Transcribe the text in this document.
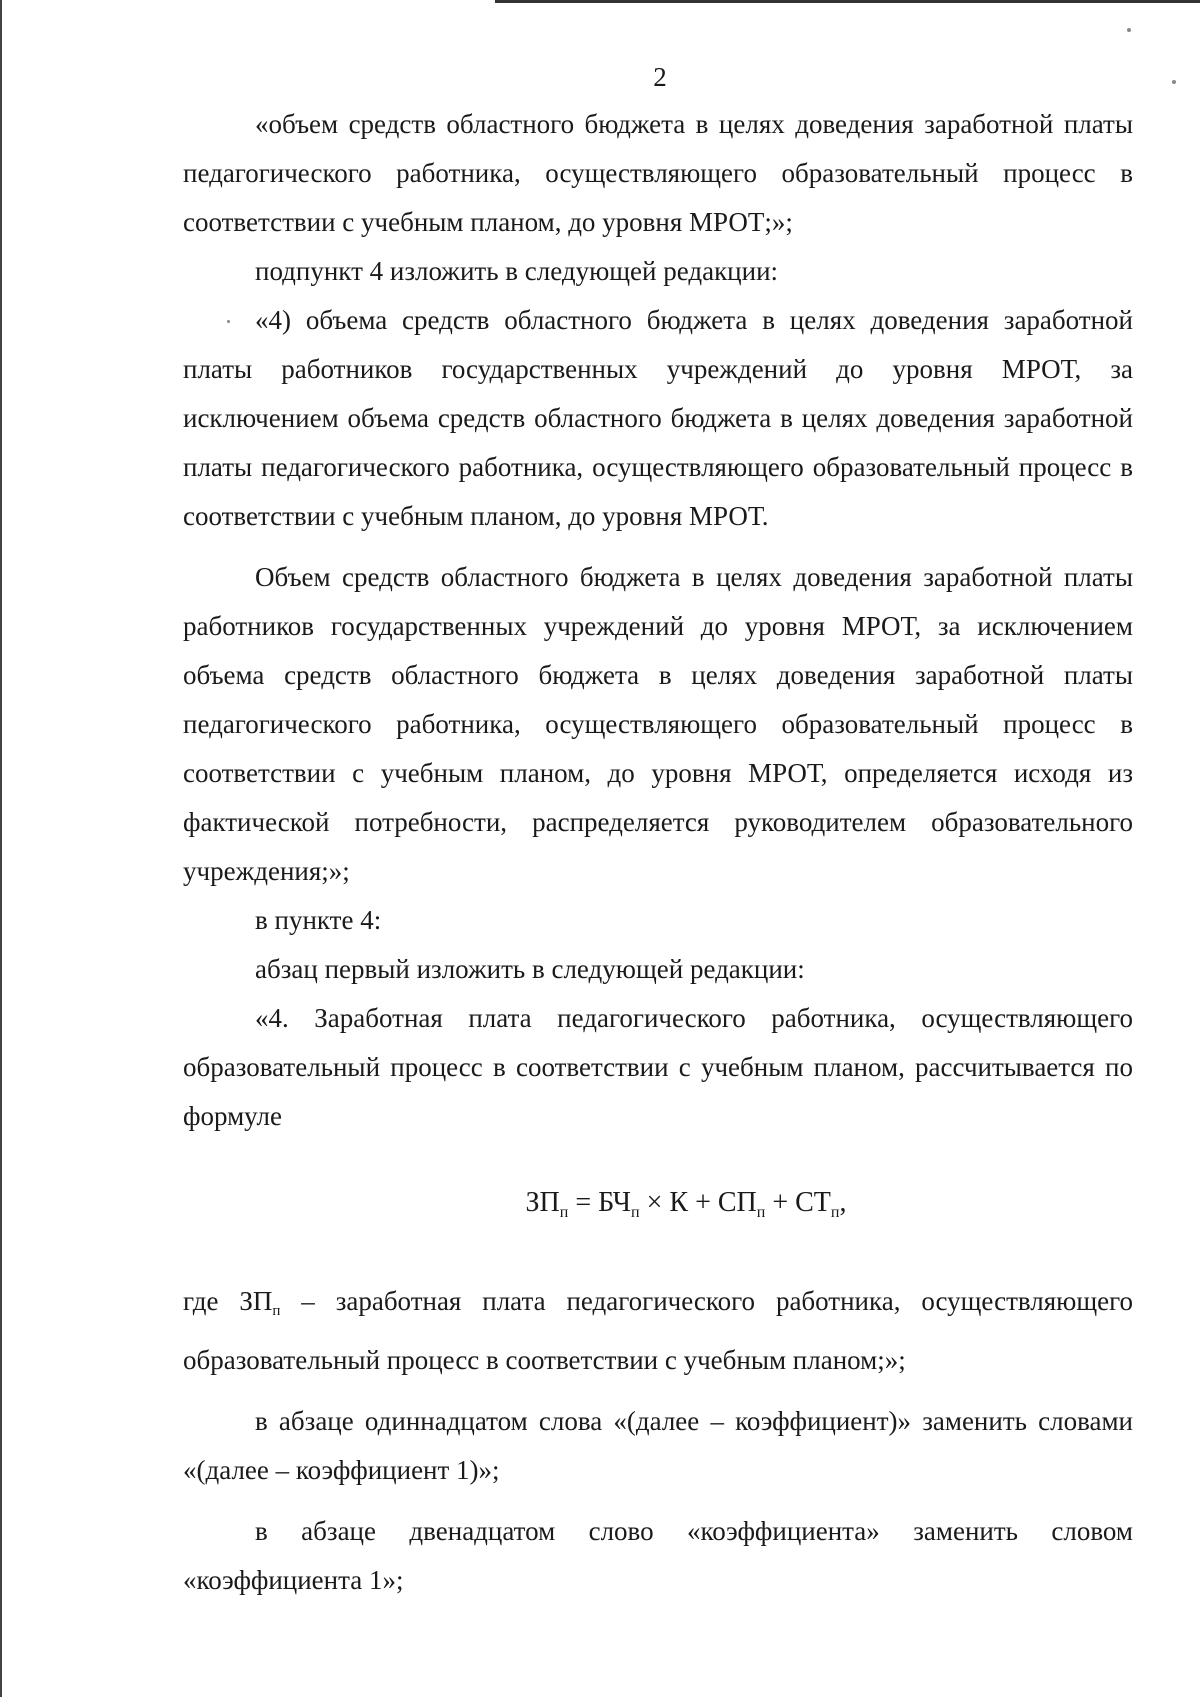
2

«объем средств областного бюджета в целях доведения заработной платы педагогического работника, осуществляющего образовательный процесс в соответствии с учебным планом, до уровня МРОТ;»;

подпункт 4 изложить в следующей редакции:

«4) объема средств областного бюджета в целях доведения заработной платы работников государственных учреждений до уровня МРОТ, за исключением объема средств областного бюджета в целях доведения заработной платы педагогического работника, осуществляющего образовательный процесс в соответствии с учебным планом, до уровня МРОТ.

Объем средств областного бюджета в целях доведения заработной платы работников государственных учреждений до уровня МРОТ, за исключением объема средств областного бюджета в целях доведения заработной платы педагогического работника, осуществляющего образовательный процесс в соответствии с учебным планом, до уровня МРОТ, определяется исходя из фактической потребности, распределяется руководителем образовательного учреждения;»;

в пункте 4:

абзац первый изложить в следующей редакции:

«4. Заработная плата педагогического работника, осуществляющего образовательный процесс в соответствии с учебным планом, рассчитывается по формуле

$ЗП_п = БЧ_п \times К + СП_п + СТ_п$,

где $ЗП_п$ – заработная плата педагогического работника, осуществляющего образовательный процесс в соответствии с учебным планом;»;

в абзаце одиннадцатом слова «(далее – коэффициент)» заменить словами «(далее – коэффициент 1)»;

в абзаце двенадцатом слово «коэффициента» заменить словом «коэффициента 1»;
